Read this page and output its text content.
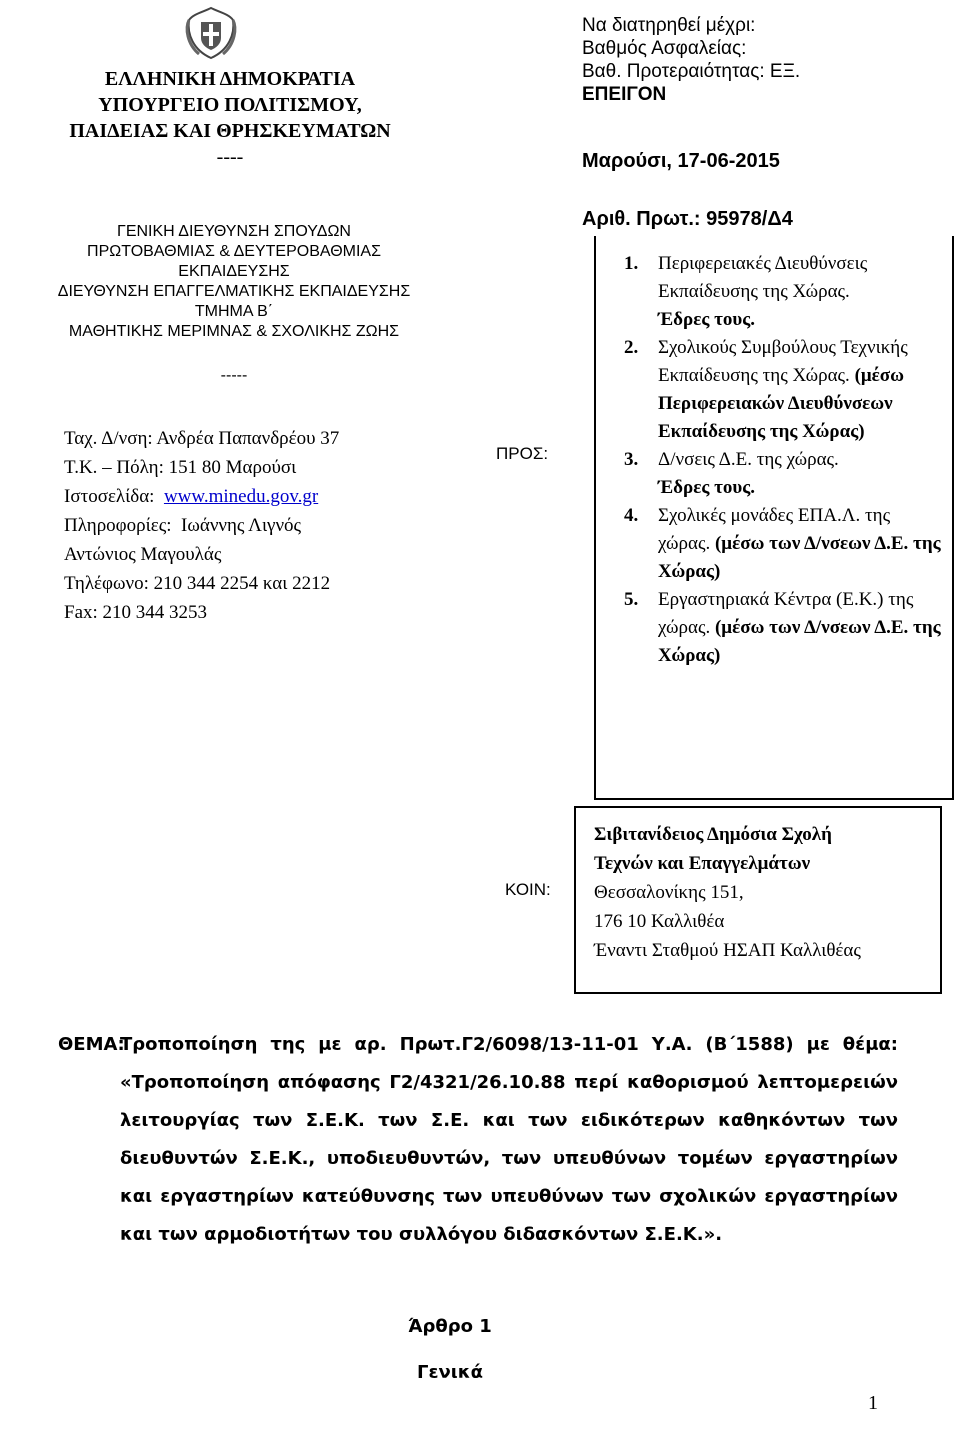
ΕΛΛΗΝΙΚΗ ΔΗΜΟΚΡΑΤΙΑ
ΥΠΟΥΡΓΕΙΟ ΠΟΛΙΤΙΣΜΟΥ,
ΠΑΙΔΕΙΑΣ ΚΑΙ ΘΡΗΣΚΕΥΜΑΤΩΝ
----
ΓΕΝΙΚΗ ΔΙΕΥΘΥΝΣΗ ΣΠΟΥΔΩΝ
ΠΡΩΤΟΒΑΘΜΙΑΣ & ΔΕΥΤΕΡΟΒΑΘΜΙΑΣ
ΕΚΠΑΙΔΕΥΣΗΣ
ΔΙΕΥΘΥΝΣΗ ΕΠΑΓΓΕΛΜΑΤΙΚΗΣ ΕΚΠΑΙΔΕΥΣΗΣ
ΤΜΗΜΑ Β΄
ΜΑΘΗΤΙΚΗΣ ΜΕΡΙΜΝΑΣ & ΣΧΟΛΙΚΗΣ ΖΩΗΣ
-----
Ταχ. Δ/νση: Ανδρέα Παπανδρέου 37
Τ.Κ. – Πόλη: 151 80 Μαρούσι
Ιστοσελίδα: www.minedu.gov.gr
Πληροφορίες: Ιωάννης Λιγνός
Αντώνιος Μαγουλάς
Τηλέφωνο: 210 344 2254 και 2212
Fax: 210 344 3253
Να διατηρηθεί μέχρι:
Βαθμός Ασφαλείας:
Βαθ. Προτεραιότητας: ΕΞ.
ΕΠΕΙΓΟΝ
Μαρούσι, 17-06-2015
Αριθ. Πρωτ.: 95978/Δ4
ΠΡΟΣ:
1. Περιφερειακές Διευθύνσεις Εκπαίδευσης της Χώρας.
Έδρες τους.
2. Σχολικούς Συμβούλους Τεχνικής Εκπαίδευσης της Χώρας. (μέσω Περιφερειακών Διευθύνσεων Εκπαίδευσης της Χώρας)
3. Δ/νσεις Δ.Ε. της χώρας.
Έδρες τους.
4. Σχολικές μονάδες ΕΠΑ.Λ. της χώρας. (μέσω των Δ/νσεων Δ.Ε. της Χώρας)
5. Εργαστηριακά Κέντρα (Ε.Κ.) της χώρας. (μέσω των Δ/νσεων Δ.Ε. της Χώρας)
ΚΟΙΝ:
Σιβιτανίδειος Δημόσια Σχολή
Τεχνών και Επαγγελμάτων
Θεσσαλονίκης 151,
176 10 Καλλιθέα
Έναντι Σταθμού ΗΣΑΠ Καλλιθέας
ΘΕΜΑ:
Τροποποίηση της με αρ. Πρωτ.Γ2/6098/13-11-01 Υ.Α. (Β΄1588) με θέμα: «Τροποποίηση απόφασης Γ2/4321/26.10.88 περί καθορισμού λεπτομερειών λειτουργίας των Σ.Ε.Κ. των Σ.Ε. και των ειδικότερων καθηκόντων των διευθυντών Σ.Ε.Κ., υποδιευθυντών, των υπευθύνων τομέων εργαστηρίων και εργαστηρίων κατεύθυνσης των υπευθύνων των σχολικών εργαστηρίων και των αρμοδιοτήτων του συλλόγου διδασκόντων Σ.Ε.Κ.».
Άρθρο 1
Γενικά
1
